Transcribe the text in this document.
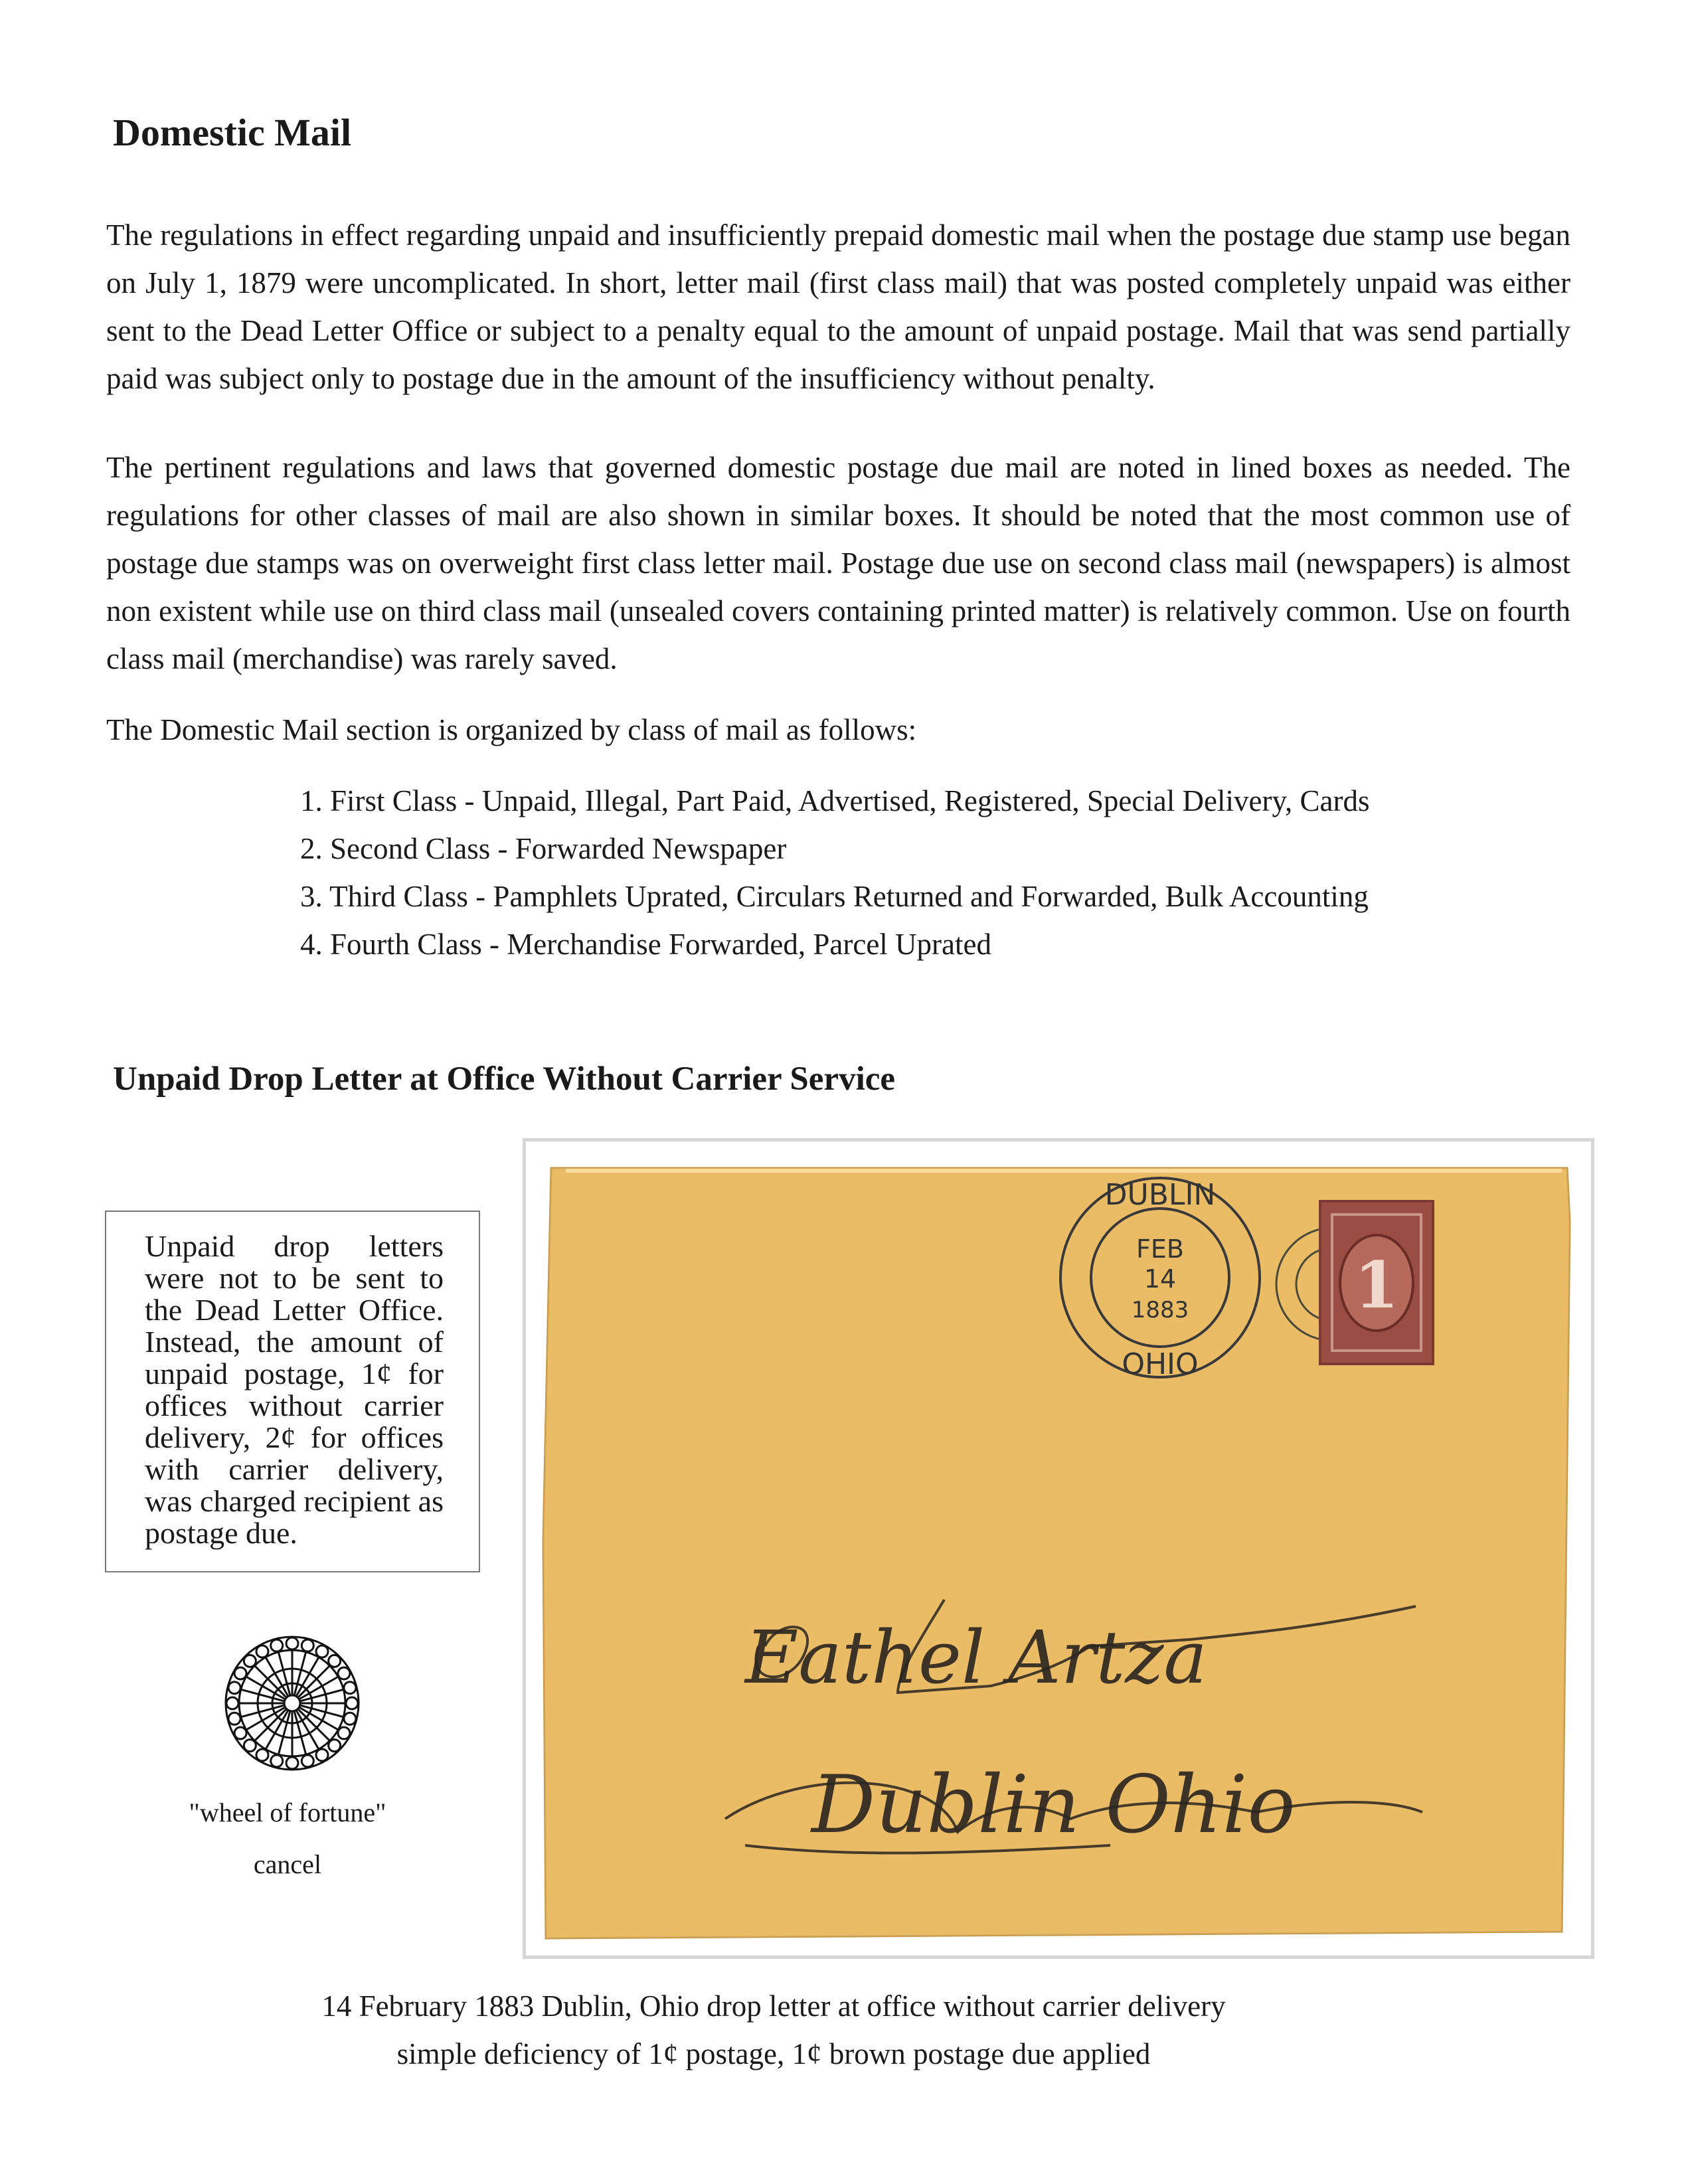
Domestic Mail
The regulations in effect regarding unpaid and insufficiently prepaid domestic mail when the postage due stamp use began on July 1, 1879 were uncomplicated. In short, letter mail (first class mail) that was posted completely unpaid was either sent to the Dead Letter Office or subject to a penalty equal to the amount of unpaid postage. Mail that was send partially paid was subject only to postage due in the amount of the insufficiency without penalty.
The pertinent regulations and laws that governed domestic postage due mail are noted in lined boxes as needed. The regulations for other classes of mail are also shown in similar boxes. It should be noted that the most common use of postage due stamps was on overweight first class letter mail. Postage due use on second class mail (newspapers) is almost non existent while use on third class mail (unsealed covers containing printed matter) is relatively common. Use on fourth class mail (merchandise) was rarely saved.
The Domestic Mail section is organized by class of mail as follows:
1. First Class - Unpaid, Illegal, Part Paid, Advertised, Registered, Special Delivery, Cards
2. Second Class - Forwarded Newspaper
3. Third Class - Pamphlets Uprated, Circulars Returned and Forwarded, Bulk Accounting
4. Fourth Class - Merchandise Forwarded, Parcel Uprated
Unpaid Drop Letter at Office Without Carrier Service
Unpaid drop letters were not to be sent to the Dead Letter Office. Instead, the amount of unpaid postage, 1¢ for offices without carrier delivery, 2¢ for offices with carrier delivery, was charged recipient as postage due.
"wheel of fortune"
cancel
DUBLIN
FEB
14
1883
OHIO
1
Eathel Artza
Dublin Ohio
14 February 1883 Dublin, Ohio drop letter at office without carrier delivery
simple deficiency of 1¢ postage, 1¢ brown postage due applied
